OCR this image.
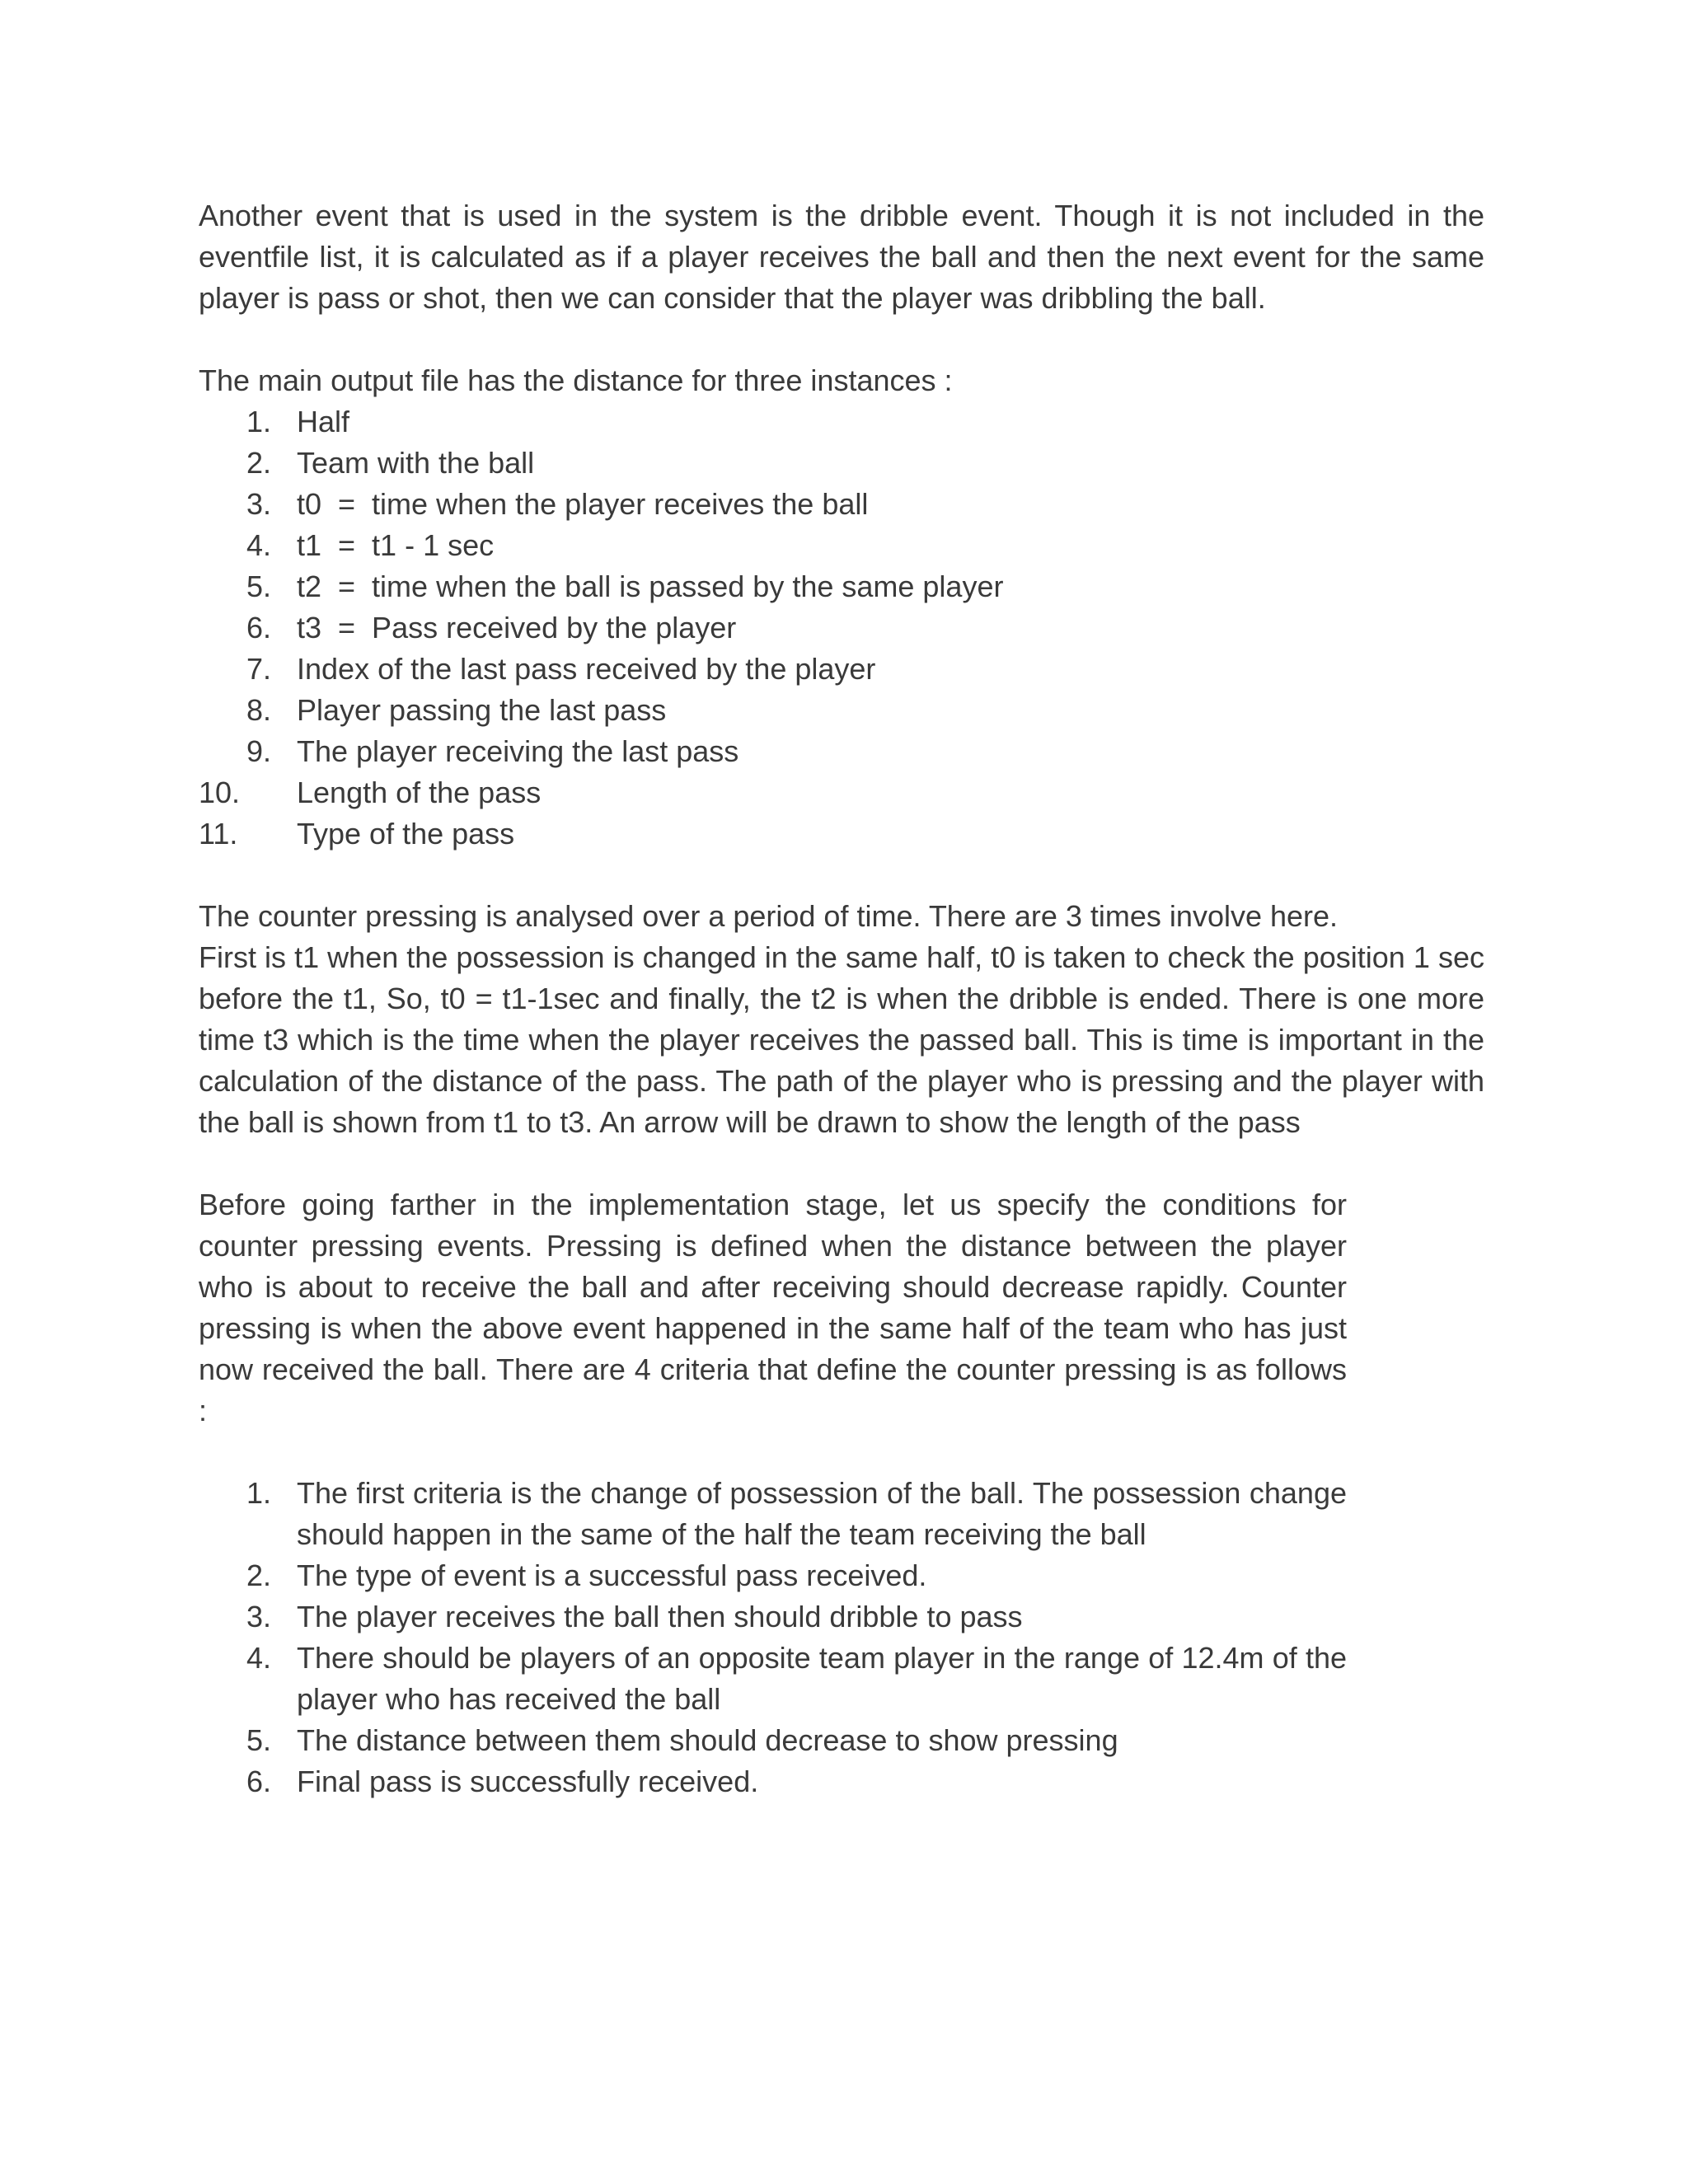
Another event that is used in the system is the dribble event. Though it is not included in the eventfile list, it is calculated as if a player receives the ball and then the next event for the same player is pass or shot, then we can consider that the player was dribbling the ball.

The main output file has the distance for three instances :

1. Half
2. Team with the ball
3. t0  =  time when the player receives the ball
4. t1  =  t1 - 1 sec
5. t2  =  time when the ball is passed by the same player
6. t3  =  Pass received by the player
7. Index of the last pass received by the player
8. Player passing the last pass
9. The player receiving the last pass
10. Length of the pass
11. Type of the pass

The counter pressing is analysed over a period of time. There are 3 times involve here.

First is t1 when the possession is changed in the same half, t0 is taken to check the position 1 sec before the t1, So, t0 = t1-1sec and finally, the t2 is when the dribble is ended. There is one more time t3 which is the time when the player receives the passed ball. This is time is important in the calculation of the distance of the pass. The path of the player who is pressing and the player with the ball is shown from t1 to t3. An arrow will be drawn to show the length of the pass

Before going farther in the implementation stage, let us specify the conditions for counter pressing events. Pressing is defined when the distance between the player who is about to receive the ball and after receiving should decrease rapidly. Counter pressing is when the above event happened in the same half of the team who has just now received the ball. There are 4 criteria that define the counter pressing is as follows :

1. The first criteria is the change of possession of the ball. The possession change should happen in the same of the half the team receiving the ball
2. The type of event is a successful pass received.
3. The player receives the ball then should dribble to pass
4. There should be players of an opposite team player in the range of 12.4m of the player who has received the ball
5. The distance between them should decrease to show pressing
6. Final pass is successfully received.
